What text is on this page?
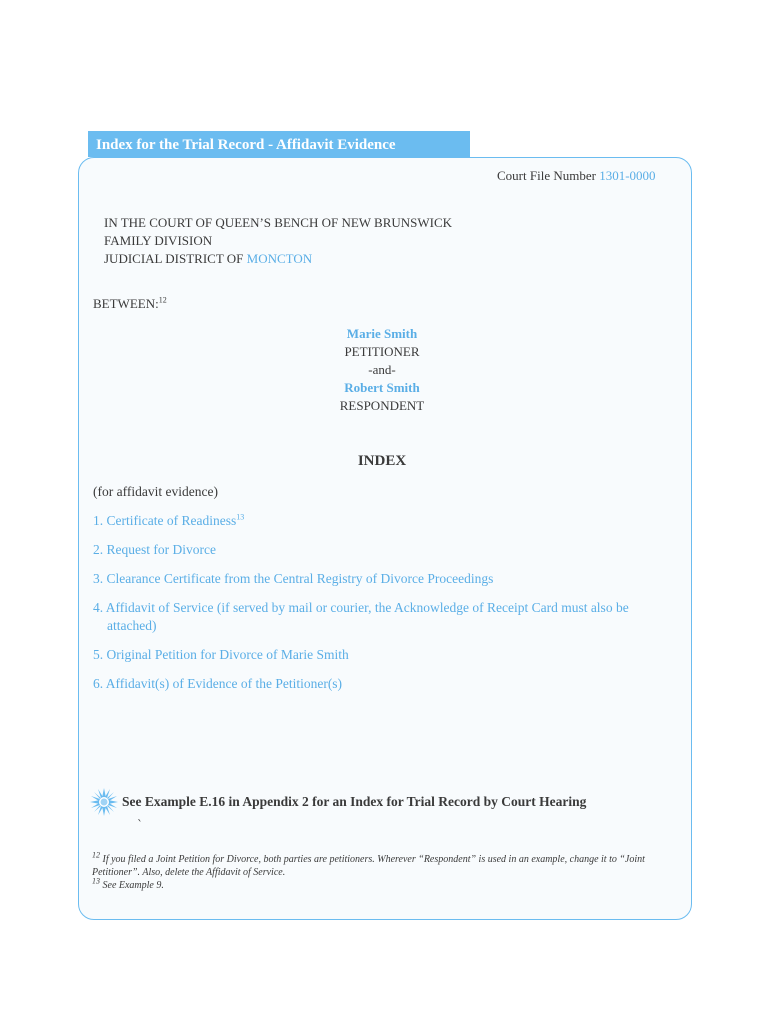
Index for the Trial Record - Affidavit Evidence
Court File Number 1301-0000
IN THE COURT OF QUEEN’S BENCH OF NEW BRUNSWICK
FAMILY DIVISION
JUDICIAL DISTRICT OF MONCTON
BETWEEN:$^{12}$
Marie Smith
PETITIONER
-and-
Robert Smith
RESPONDENT
INDEX
(for affidavit evidence)
1. Certificate of Readiness$^{13}$
2. Request for Divorce
3. Clearance Certificate from the Central Registry of Divorce Proceedings
4. Affidavit of Service (if served by mail or courier, the Acknowledge of Receipt Card must also be attached)
5. Original Petition for Divorce of Marie Smith
6. Affidavit(s) of Evidence of the Petitioner(s)
See Example E.16 in Appendix 2 for an Index for Trial Record by Court Hearing
`

$^{12}$ If you filed a Joint Petition for Divorce, both parties are petitioners. Wherever “Respondent” is used in an example, change it to “Joint Petitioner”. Also, delete the Affidavit of Service.

$^{13}$ See Example 9.
